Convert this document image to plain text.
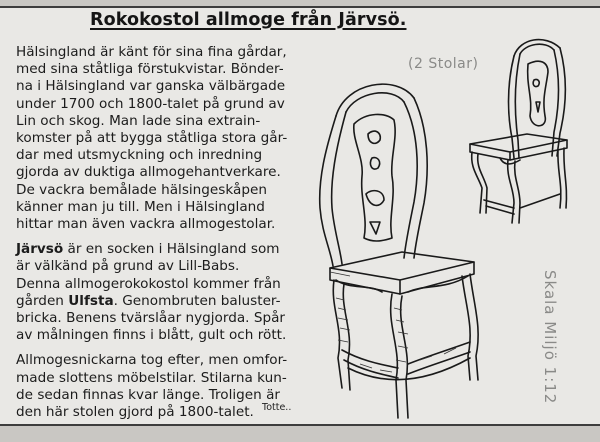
Rokokostol allmoge från Järvsö.

Hälsingland är känt för sina fina gårdar,
med sina ståtliga förstukvistar. Bönder-
na i Hälsingland var ganska välbärgade
under 1700 och 1800-talet på grund av
Lin och skog. Man lade sina extrain-
komster på att bygga ståtliga stora går-
dar med utsmyckning och inredning
gjorda av duktiga allmogehantverkare.
De vackra bemålade hälsingeskåpen
känner man ju till. Men i Hälsingland
hittar man även vackra allmogestolar.

Järvsö är en socken i Hälsingland som
är välkänd på grund av Lill-Babs.
Denna allmogerokokostol kommer från
gården Ulfsta. Genombruten baluster-
bricka. Benens tvärslåar nygjorda. Spår
av målningen finns i blått, gult och rött.

Allmogesnickarna tog efter, men omfor-
made slottens möbelstilar. Stilarna kun-
de sedan finnas kvar länge. Troligen är
den här stolen gjord på 1800-talet.

(2 Stolar)
Skala Miljö 1:12
Totte..
